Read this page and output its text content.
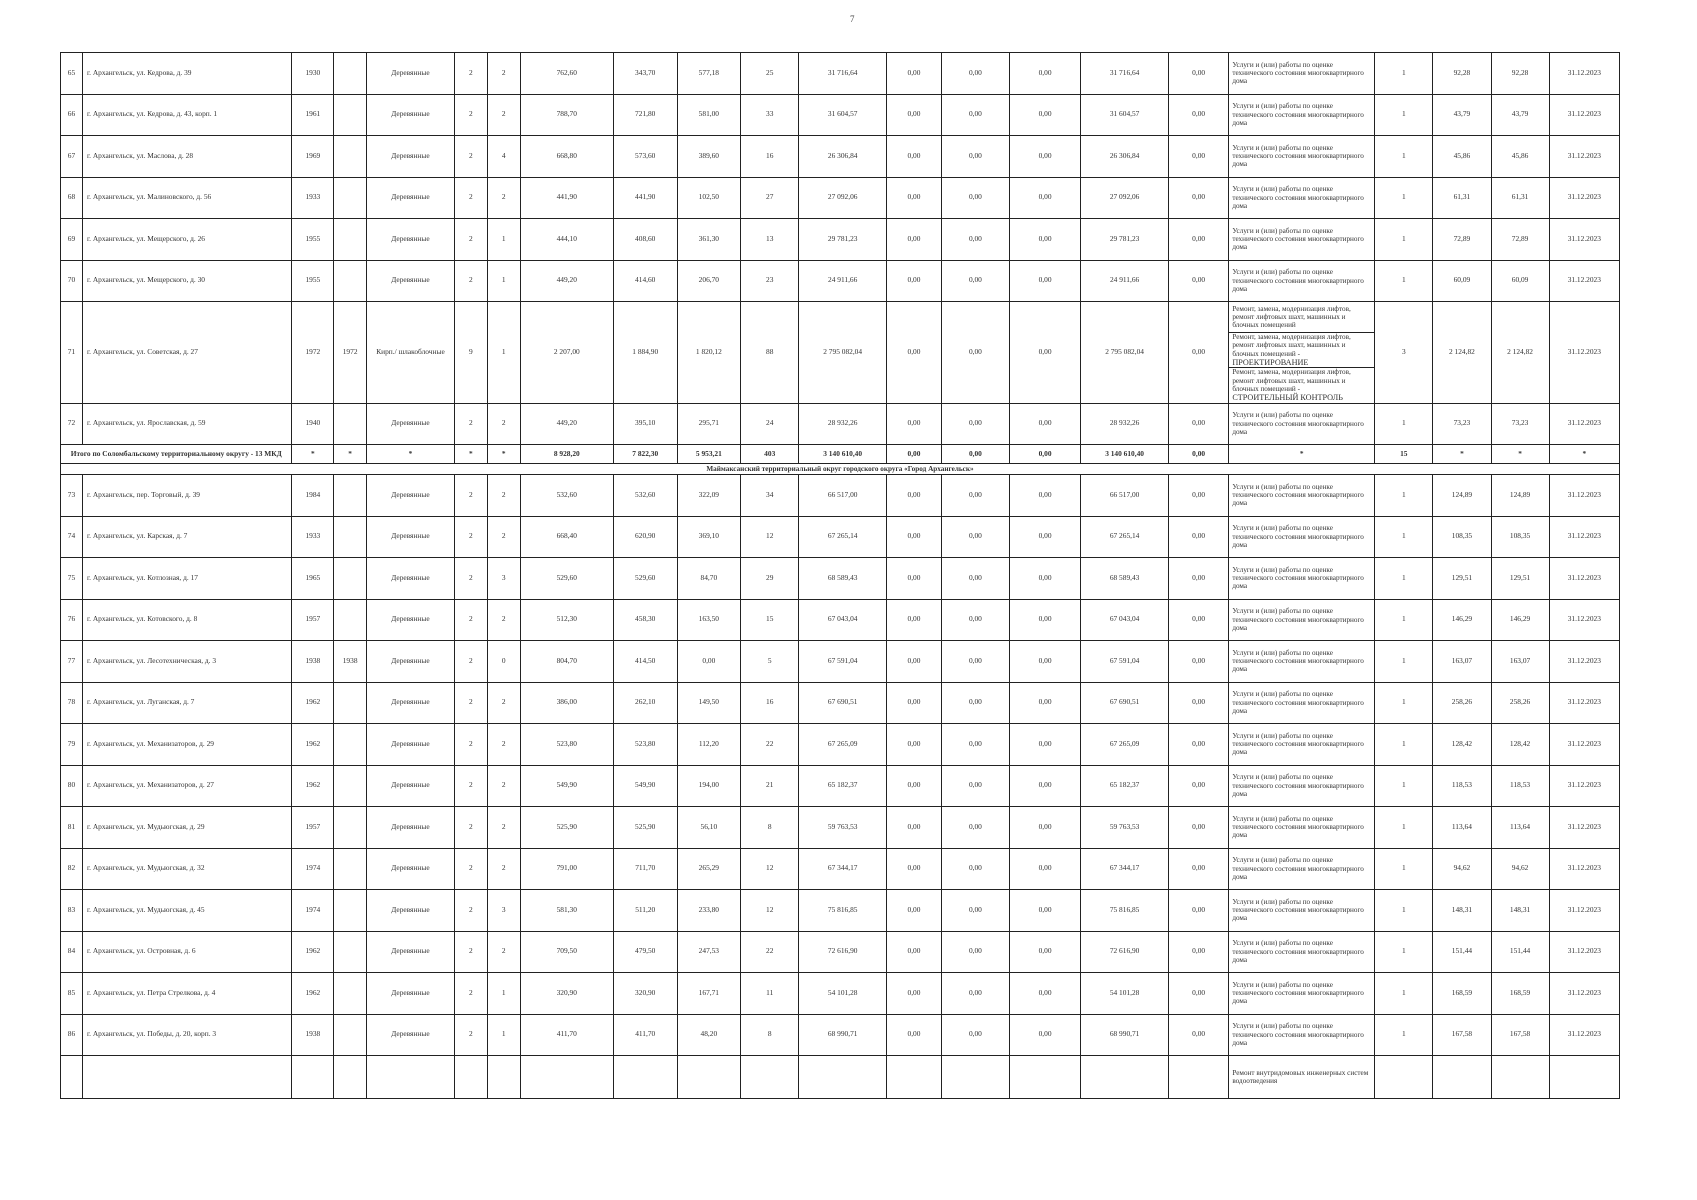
7
65	г. Архангельск, ул. Кедрова, д. 39	1930		Деревянные	2	2	762,60	343,70	577,18	25	31 716,64	0,00	0,00	0,00	31 716,64	0,00	Услуги и (или) работы по оценке технического состояния многоквартирного дома	1	92,28	92,28	31.12.2023
66	г. Архангельск, ул. Кедрова, д. 43, корп. 1	1961		Деревянные	2	2	788,70	721,80	581,00	33	31 604,57	0,00	0,00	0,00	31 604,57	0,00	Услуги и (или) работы по оценке технического состояния многоквартирного дома	1	43,79	43,79	31.12.2023
67	г. Архангельск, ул. Маслова, д. 28	1969		Деревянные	2	4	668,80	573,60	389,60	16	26 306,84	0,00	0,00	0,00	26 306,84	0,00	Услуги и (или) работы по оценке технического состояния многоквартирного дома	1	45,86	45,86	31.12.2023
68	г. Архангельск, ул. Малиновского, д. 56	1933		Деревянные	2	2	441,90	441,90	102,50	27	27 092,06	0,00	0,00	0,00	27 092,06	0,00	Услуги и (или) работы по оценке технического состояния многоквартирного дома	1	61,31	61,31	31.12.2023
69	г. Архангельск, ул. Мещерского, д. 26	1955		Деревянные	2	1	444,10	408,60	361,30	13	29 781,23	0,00	0,00	0,00	29 781,23	0,00	Услуги и (или) работы по оценке технического состояния многоквартирного дома	1	72,89	72,89	31.12.2023
70	г. Архангельск, ул. Мещерского, д. 30	1955		Деревянные	2	1	449,20	414,60	206,70	23	24 911,66	0,00	0,00	0,00	24 911,66	0,00	Услуги и (или) работы по оценке технического состояния многоквартирного дома	1	60,09	60,09	31.12.2023
71	г. Архангельск, ул. Советская, д. 27	1972	1972	Кирп./ шлакоблочные	9	1	2 207,00	1 884,90	1 820,12	88	2 795 082,04	0,00	0,00	0,00	2 795 082,04	0,00	Ремонт, замена, модернизация лифтов, ремонт лифтовых шахт, машинных и блочных помещений	3	2 124,82	2 124,82	31.12.2023
																	Ремонт, замена, модернизация лифтов, ремонт лифтовых шахт, машинных и блочных помещений -
ПРОЕКТИРОВАНИЕ				
																	Ремонт, замена, модернизация лифтов, ремонт лифтовых шахт, машинных и блочных помещений -
СТРОИТЕЛЬНЫЙ КОНТРОЛЬ				
72	г. Архангельск, ул. Ярославская, д. 59	1940		Деревянные	2	2	449,20	395,10	295,71	24	28 932,26	0,00	0,00	0,00	28 932,26	0,00	Услуги и (или) работы по оценке технического состояния многоквартирного дома	1	73,23	73,23	31.12.2023
Итого по Соломбальскому территориальному округу - 13 МКД		*	*	*	*	*	8 928,20	7 822,30	5 953,21	403	3 140 610,40	0,00	0,00	0,00	3 140 610,40	0,00	*	15	*	*	*
Маймаксанский территориальный округ городского округа «Город Архангельск»																					
73	г. Архангельск, пер. Торговый, д. 39	1984		Деревянные	2	2	532,60	532,60	322,09	34	66 517,00	0,00	0,00	0,00	66 517,00	0,00	Услуги и (или) работы по оценке технического состояния многоквартирного дома	1	124,89	124,89	31.12.2023
74	г. Архангельск, ул. Карская, д. 7	1933		Деревянные	2	2	668,40	620,90	369,10	12	67 265,14	0,00	0,00	0,00	67 265,14	0,00	Услуги и (или) работы по оценке технического состояния многоквартирного дома	1	108,35	108,35	31.12.2023
75	г. Архангельск, ул. Котлозная, д. 17	1965		Деревянные	2	3	529,60	529,60	84,70	29	68 589,43	0,00	0,00	0,00	68 589,43	0,00	Услуги и (или) работы по оценке технического состояния многоквартирного дома	1	129,51	129,51	31.12.2023
76	г. Архангельск, ул. Котовского, д. 8	1957		Деревянные	2	2	512,30	458,30	163,50	15	67 043,04	0,00	0,00	0,00	67 043,04	0,00	Услуги и (или) работы по оценке технического состояния многоквартирного дома	1	146,29	146,29	31.12.2023
77	г. Архангельск, ул. Лесотехническая, д. 3	1938	1938	Деревянные	2	0	804,70	414,50	0,00	5	67 591,04	0,00	0,00	0,00	67 591,04	0,00	Услуги и (или) работы по оценке технического состояния многоквартирного дома	1	163,07	163,07	31.12.2023
78	г. Архангельск, ул. Луганская, д. 7	1962		Деревянные	2	2	386,00	262,10	149,50	16	67 690,51	0,00	0,00	0,00	67 690,51	0,00	Услуги и (или) работы по оценке технического состояния многоквартирного дома	1	258,26	258,26	31.12.2023
79	г. Архангельск, ул. Механизаторов, д. 29	1962		Деревянные	2	2	523,80	523,80	112,20	22	67 265,09	0,00	0,00	0,00	67 265,09	0,00	Услуги и (или) работы по оценке технического состояния многоквартирного дома	1	128,42	128,42	31.12.2023
80	г. Архангельск, ул. Механизаторов, д. 27	1962		Деревянные	2	2	549,90	549,90	194,00	21	65 182,37	0,00	0,00	0,00	65 182,37	0,00	Услуги и (или) работы по оценке технического состояния многоквартирного дома	1	118,53	118,53	31.12.2023
81	г. Архангельск, ул. Мудьюгская, д. 29	1957		Деревянные	2	2	525,90	525,90	56,10	8	59 763,53	0,00	0,00	0,00	59 763,53	0,00	Услуги и (или) работы по оценке технического состояния многоквартирного дома	1	113,64	113,64	31.12.2023
82	г. Архангельск, ул. Мудьюгская, д. 32	1974		Деревянные	2	2	791,00	711,70	265,29	12	67 344,17	0,00	0,00	0,00	67 344,17	0,00	Услуги и (или) работы по оценке технического состояния многоквартирного дома	1	94,62	94,62	31.12.2023
83	г. Архангельск, ул. Мудьюгская, д. 45	1974		Деревянные	2	3	581,30	511,20	233,80	12	75 816,85	0,00	0,00	0,00	75 816,85	0,00	Услуги и (или) работы по оценке технического состояния многоквартирного дома	1	148,31	148,31	31.12.2023
84	г. Архангельск, ул. Островная, д. 6	1962		Деревянные	2	2	709,50	479,50	247,53	22	72 616,90	0,00	0,00	0,00	72 616,90	0,00	Услуги и (или) работы по оценке технического состояния многоквартирного дома	1	151,44	151,44	31.12.2023
85	г. Архангельск, ул. Петра Стрелкова, д. 4	1962		Деревянные	2	1	320,90	320,90	167,71	11	54 101,28	0,00	0,00	0,00	54 101,28	0,00	Услуги и (или) работы по оценке технического состояния многоквартирного дома	1	168,59	168,59	31.12.2023
86	г. Архангельск, ул. Победы, д. 20, корп. 3	1938		Деревянные	2	1	411,70	411,70	48,20	8	68 990,71	0,00	0,00	0,00	68 990,71	0,00	Услуги и (или) работы по оценке технического состояния многоквартирного дома	1	167,58	167,58	31.12.2023
																	Ремонт внутридомовых инженерных систем водоотведения				
